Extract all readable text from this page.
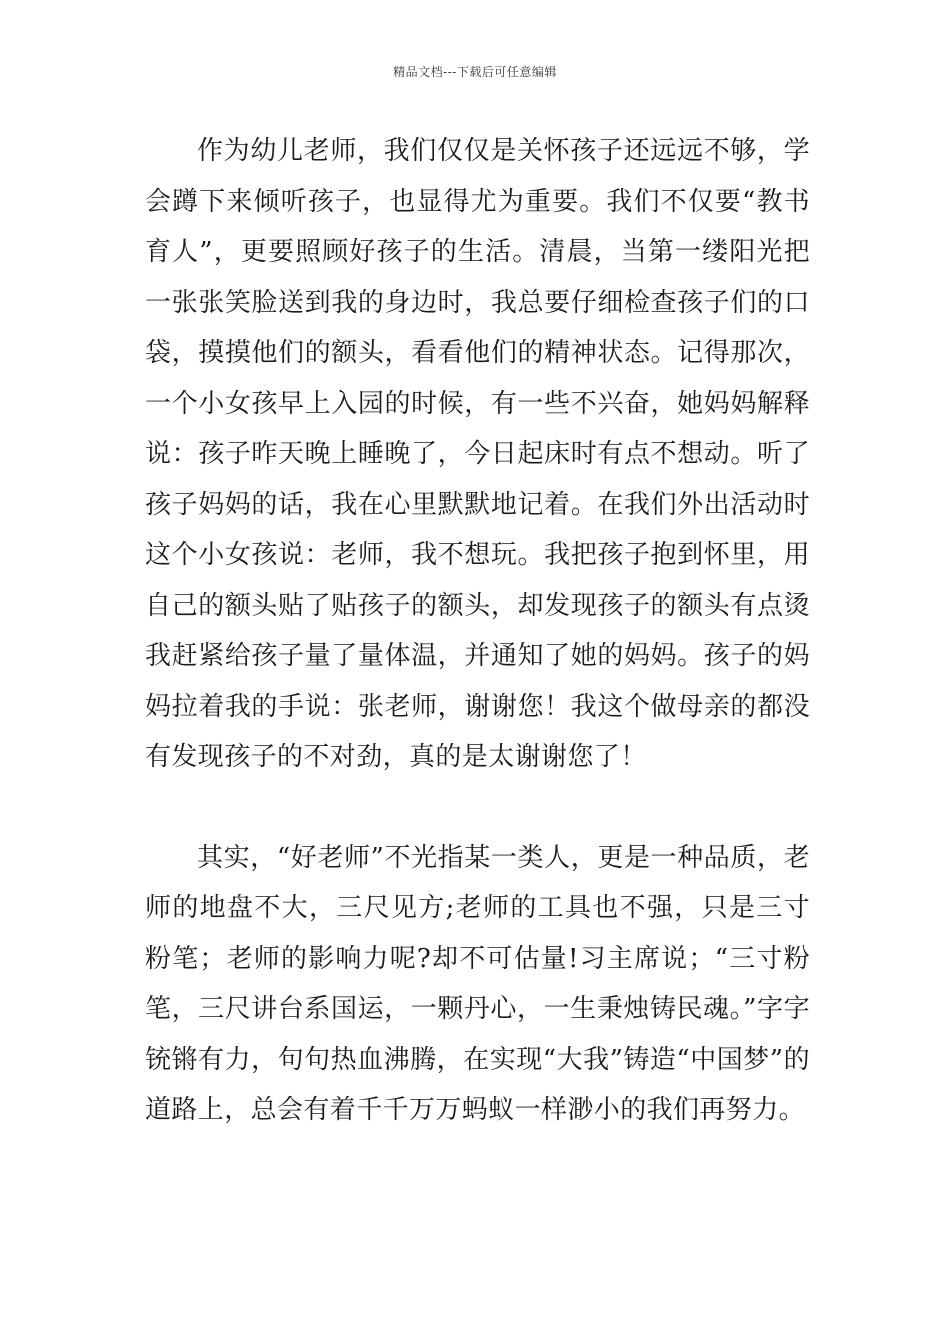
精品文档---下载后可任意编辑

作为幼儿老师，我们仅仅是关怀孩子还远远不够，学会蹲下来倾听孩子，也显得尤为重要。我们不仅要“教书育人”，更要照顾好孩子的生活。清晨，当第一缕阳光把一张张笑脸送到我的身边时，我总要仔细检查孩子们的口袋，摸摸他们的额头，看看他们的精神状态。记得那次，一个小女孩早上入园的时候，有一些不兴奋，她妈妈解释说：孩子昨天晚上睡晚了，今日起床时有点不想动。听了孩子妈妈的话，我在心里默默地记着。在我们外出活动时这个小女孩说：老师，我不想玩。我把孩子抱到怀里，用自己的额头贴了贴孩子的额头，却发现孩子的额头有点烫我赶紧给孩子量了量体温，并通知了她的妈妈。孩子的妈妈拉着我的手说：张老师，谢谢您！我这个做母亲的都没有发现孩子的不对劲，真的是太谢谢您了！

其实，“好老师”不光指某一类人，更是一种品质，老师的地盘不大，三尺见方;老师的工具也不强，只是三寸粉笔；老师的影响力呢?却不可估量!习主席说；“三寸粉笔，三尺讲台系国运，一颗丹心，一生秉烛铸民魂。”字字铳锵有力，句句热血沸腾，在实现“大我”铸造“中国梦”的道路上，总会有着千千万万蚂蚁一样渺小的我们再努力。
